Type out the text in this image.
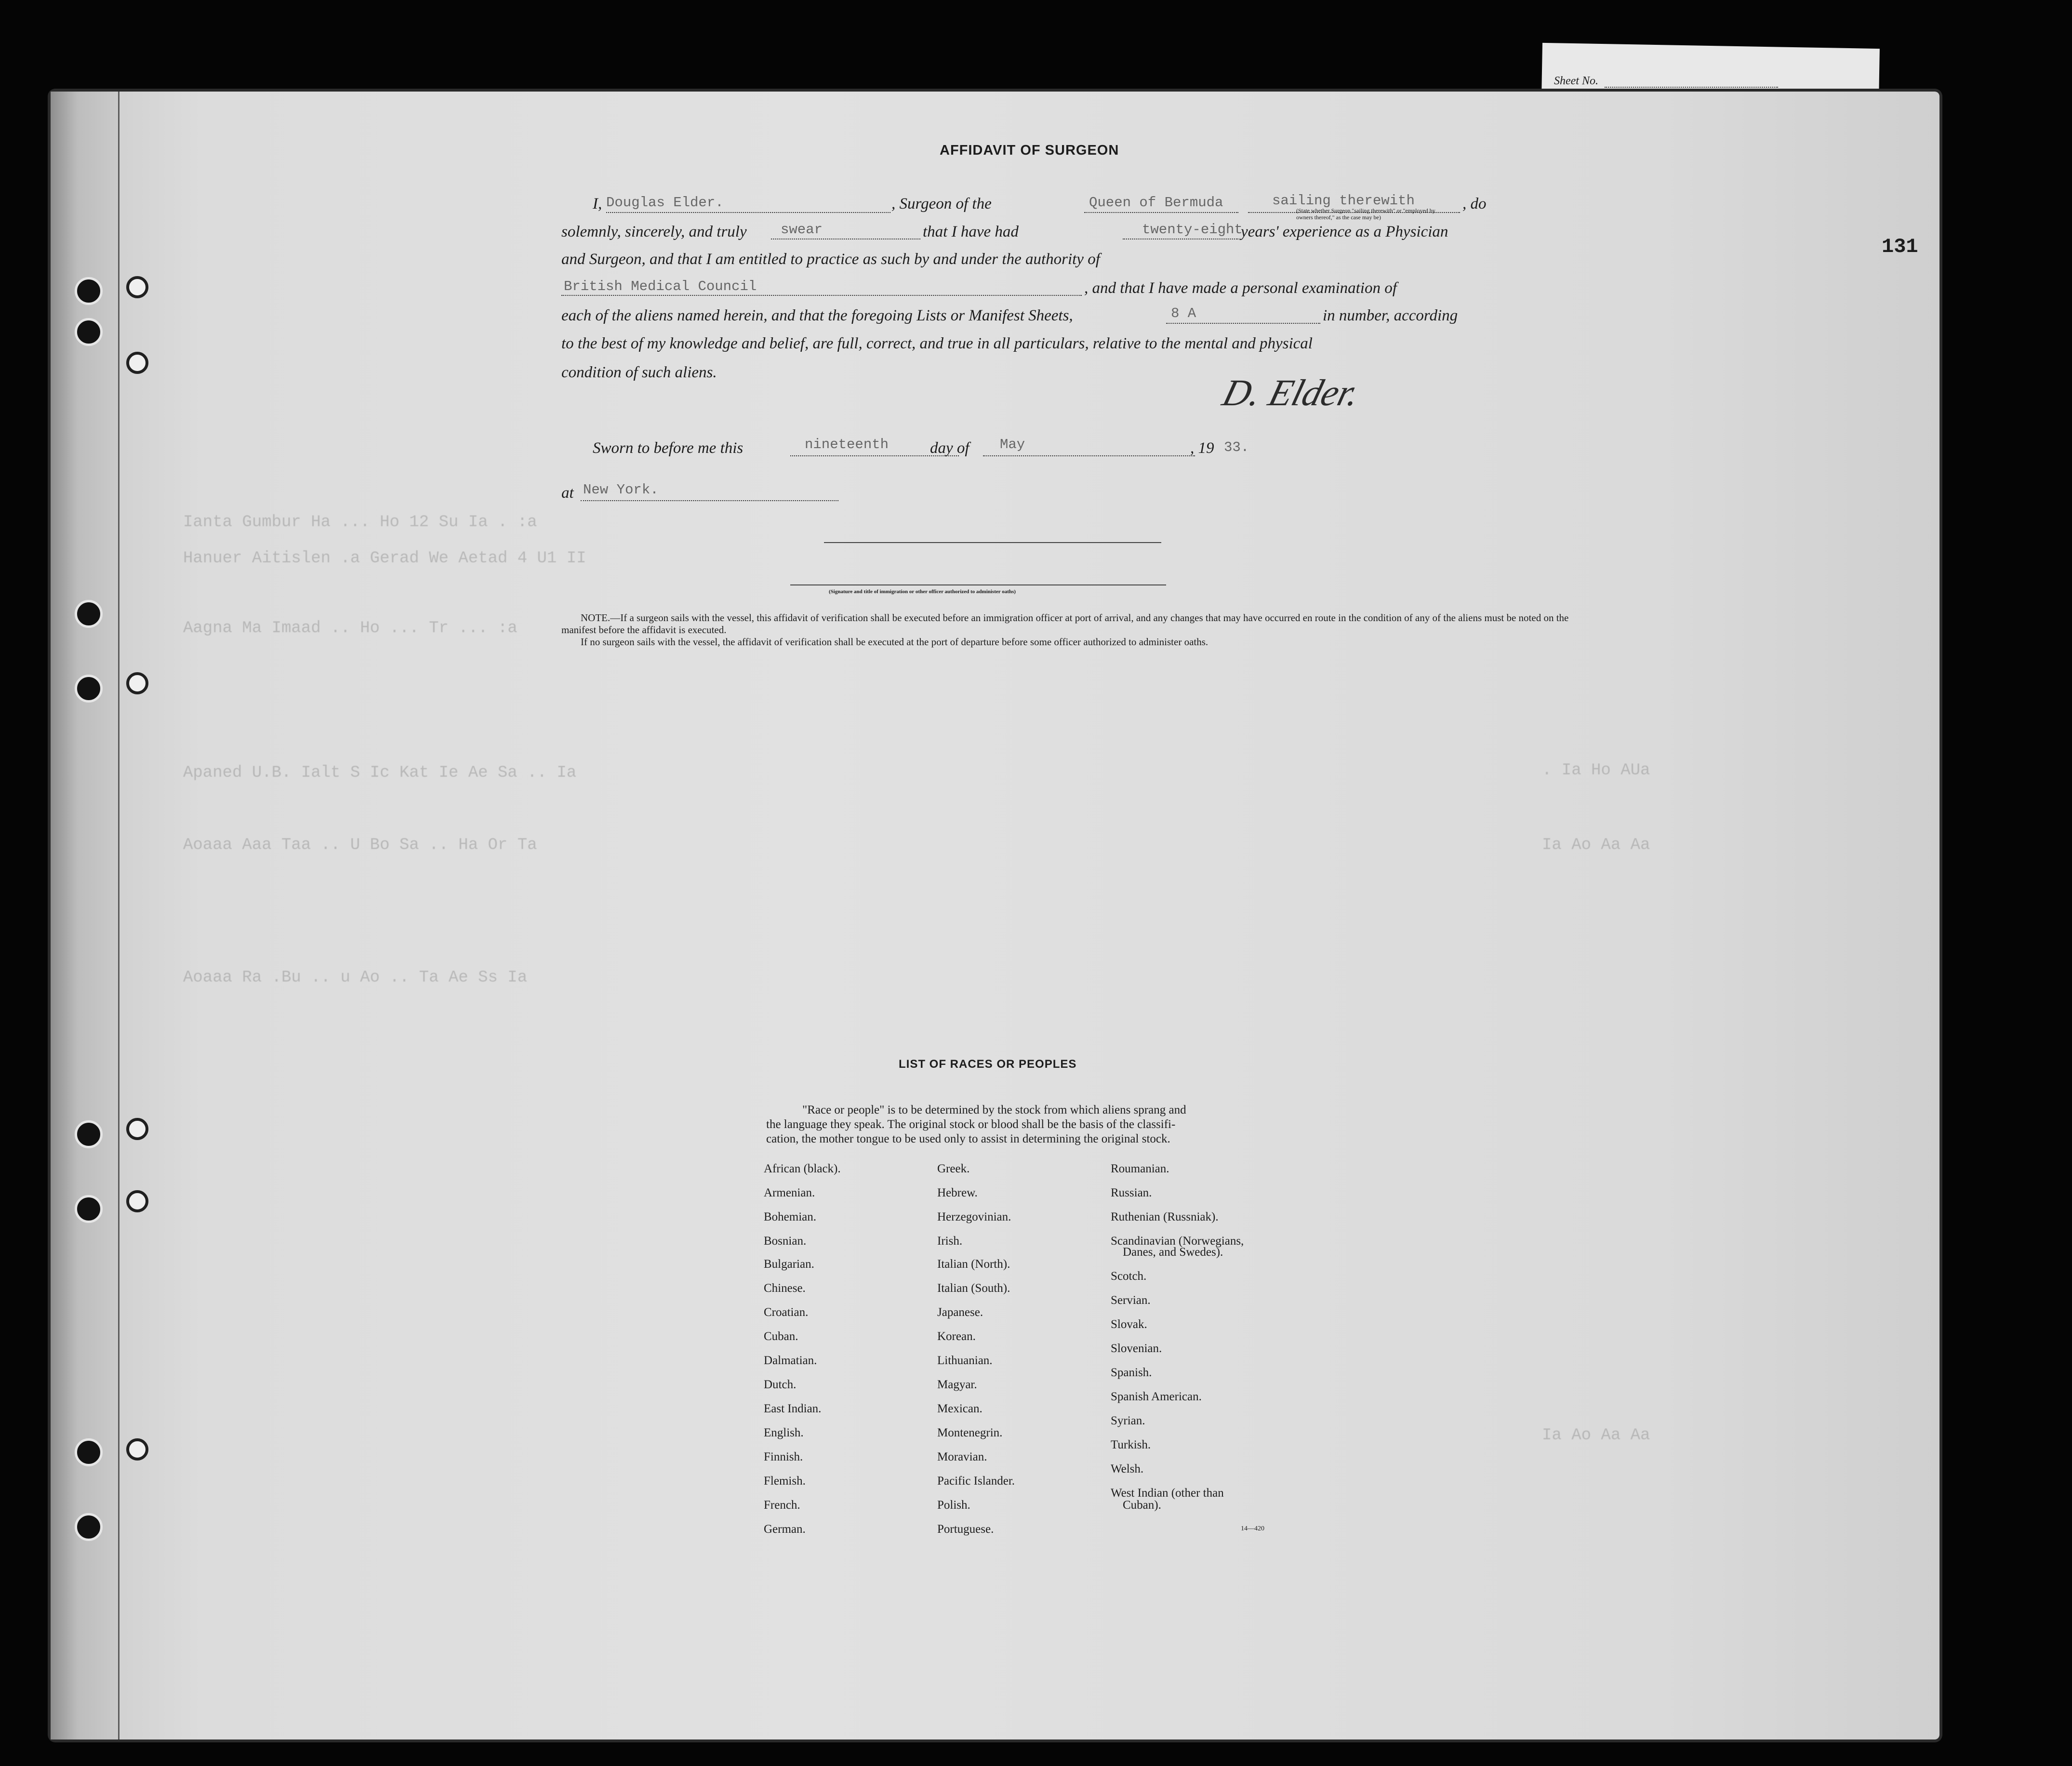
Ianta Gumbur Ha ... Ho 12 Su Ia . :a
Hanuer Aitislen .a Gerad We Aetad 4 U1 II
Aagna Ma Imaad .. Ho ... Tr ... :a
Apaned U.B. Ialt S Ic Kat Ie Ae Sa .. Ia
Aoaaa Aaa Taa .. U Bo Sa .. Ha Or Ta
Aoaaa Ra .Bu .. u Ao .. Ta Ae Ss Ia
. Ia Ho AUa
Ia Ao Aa Aa
Ia Ao Aa Aa
Sheet No.
131
AFFIDAVIT OF SURGEON
I, Douglas Elder.	, Surgeon of the	Queen of Bermuda	sailing therewith
(State whether Surgeon "sailing therewith" or "employed by owners thereof," as the case may be)
, do
solemnly, sincerely, and truly swear	that I have had	twenty-eight
years' experience as a Physician
and Surgeon, and that I am entitled to practice as such by and under the authority of
British Medical Council	, and that I have made a personal examination of
each of the aliens named herein, and that the foregoing Lists or Manifest Sheets,	8 A	in number, according
to the best of my knowledge and belief, are full, correct, and true in all particulars, relative to the mental and physical
condition of such aliens.	D. Elder.
Sworn to before me this	nineteenth	day of May	, 19 33.
at New York.
(Signature and title of immigration or other officer authorized to administer oaths)
NOTE.—If a surgeon sails with the vessel, this affidavit of verification shall be executed before an immigration officer at port of arrival, and any changes that may have occurred en route in the condition of any of the aliens must be noted on the manifest before the affidavit is executed.
If no surgeon sails with the vessel, the affidavit of verification shall be executed at the port of departure before some officer authorized to administer oaths.
LIST OF RACES OR PEOPLES
"Race or people" is to be determined by the stock from which aliens sprang and
the language they speak. The original stock or blood shall be the basis of the classifi-
cation, the mother tongue to be used only to assist in determining the original stock.
African (black).
Armenian.
Bohemian.
Bosnian.
Bulgarian.
Chinese.
Croatian.
Cuban.
Dalmatian.
Dutch.
East Indian.
English.
Finnish.
Flemish.
French.
German.
Greek.
Hebrew.
Herzegovinian.
Irish.
Italian (North).
Italian (South).
Japanese.
Korean.
Lithuanian.
Magyar.
Mexican.
Montenegrin.
Moravian.
Pacific Islander.
Polish.
Portuguese.
Roumanian.
Russian.
Ruthenian (Russniak).
Scandinavian (Norwegians,
Danes, and Swedes).
Scotch.
Servian.
Slovak.
Slovenian.
Spanish.
Spanish American.
Syrian.
Turkish.
Welsh.
West Indian (other than
Cuban).
14—420
